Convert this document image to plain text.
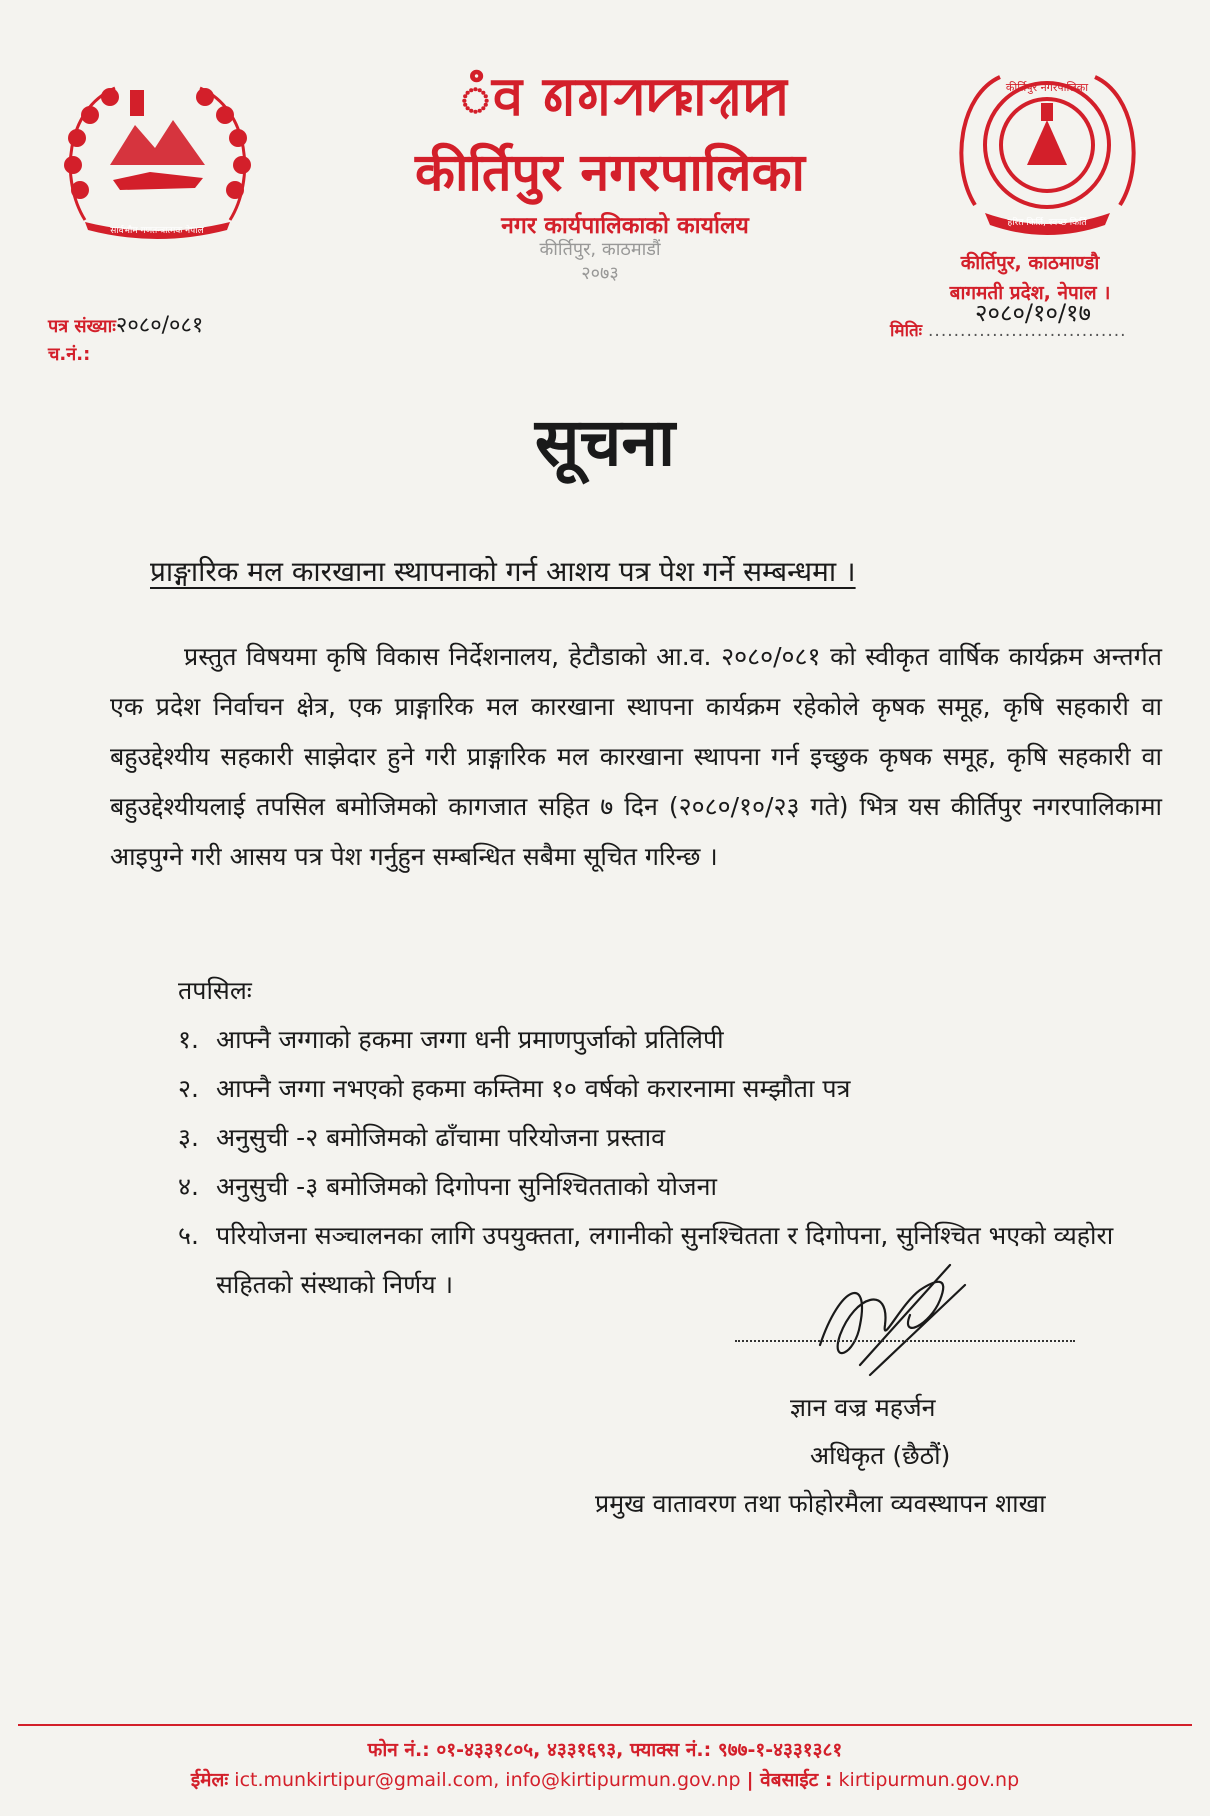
सार्वभौम गणतन्त्रात्मक नेपाल
कीर्तिपुर नगरपालिका
हरित किर्ति, स्वच्छ किर्ति
ꠋꠛ ꠘꠉꠞꠚꠣꠟꠇ
कीर्तिपुर नगरपालिका
नगर कार्यपालिकाको कार्यालय
कीर्तिपुर, काठमाडौं
२०७३	कीर्तिपुर, काठमाण्डौ
बागमती प्रदेश, नेपाल ।
पत्र संख्याः२०८०/०८१
च.नं.:
२०८०/१०/१७
मितिः ...............................
सूचना
प्राङ्गारिक मल कारखाना स्थापनाको गर्न आशय पत्र पेश गर्ने सम्बन्धमा ।

प्रस्तुत विषयमा कृषि विकास निर्देशनालय, हेटौडाको आ.व. २०८०/०८१ को स्वीकृत वार्षिक कार्यक्रम अन्तर्गत एक प्रदेश निर्वाचन क्षेत्र, एक प्राङ्गारिक मल कारखाना स्थापना कार्यक्रम रहेकोले कृषक समूह, कृषि सहकारी वा बहुउद्देश्यीय सहकारी साझेदार हुने गरी प्राङ्गारिक मल कारखाना स्थापना गर्न इच्छुक कृषक समूह, कृषि सहकारी वा बहुउद्देश्यीयलाई तपसिल बमोजिमको कागजात सहित ७ दिन (२०८०/१०/२३ गते) भित्र यस कीर्तिपुर नगरपालिकामा आइपुग्ने गरी आसय पत्र पेश गर्नुहुन सम्बन्धित सबैमा सूचित गरिन्छ ।

तपसिलः
१. आफ्नै जग्गाको हकमा जग्गा धनी प्रमाणपुर्जाको प्रतिलिपी
२. आफ्नै जग्गा नभएको हकमा कम्तिमा १० वर्षको करारनामा सम्झौता पत्र
३. अनुसुची -२ बमोजिमको ढाँचामा परियोजना प्रस्ताव
४. अनुसुची -३ बमोजिमको दिगोपना सुनिश्चितताको योजना
५. परियोजना सञ्चालनका लागि उपयुक्तता, लगानीको सुनश्चितता र दिगोपना, सुनिश्चित भएको व्यहोरा सहितको संस्थाको निर्णय ।
ज्ञान वज्र महर्जन
अधिकृत (छैठौं)
प्रमुख वातावरण तथा फोहोरमैला व्यवस्थापन शाखा
फोन नं.: ०१-४३३१८०५, ४३३१६९३, फ्याक्स नं.: ९७७-१-४३३१३८१
ईमेलः ict.munkirtipur@gmail.com, info@kirtipurmun.gov.np | वेबसाईट : kirtipurmun.gov.np
